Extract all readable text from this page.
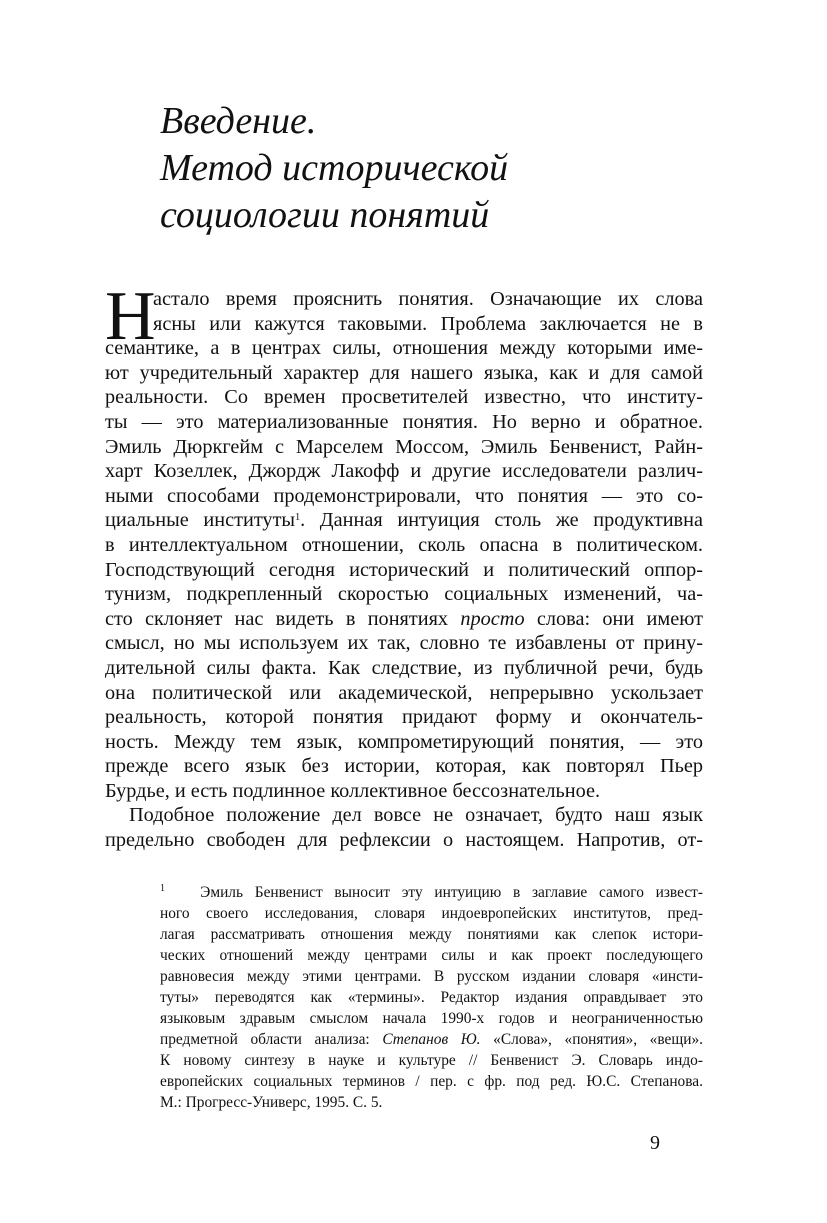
Введение.
Метод исторической
социологии понятий
Н
астало время прояснить понятия. Означающие их слова
ясны или кажутся таковыми. Проблема заключается не в
семантике, а в центрах силы, отношения между которыми име-
ют учредительный характер для нашего языка, как и для самой
реальности. Со времен просветителей известно, что институ-
ты — это материализованные понятия. Но верно и обратное.
Эмиль Дюркгейм с Марселем Моссом, Эмиль Бенвенист, Райн-
харт Козеллек, Джордж Лакофф и другие исследователи различ-
ными способами продемонстрировали, что понятия — это со-
циальные институты$^1$. Данная интуиция столь же продуктивна
в интеллектуальном отношении, сколь опасна в политическом.
Господствующий сегодня исторический и политический оппор-
тунизм, подкрепленный скоростью социальных изменений, ча-
сто склоняет нас видеть в понятиях просто слова: они имеют
смысл, но мы используем их так, словно те избавлены от прину-
дительной силы факта. Как следствие, из публичной речи, будь
она политической или академической, непрерывно ускользает
реальность, которой понятия придают форму и окончатель-
ность. Между тем язык, компрометирующий понятия, — это
прежде всего язык без истории, которая, как повторял Пьер
Бурдье, и есть подлинное коллективное бессознательное.
Подобное положение дел вовсе не означает, будто наш язык
предельно свободен для рефлексии о настоящем. Напротив, от-
$^1$ Эмиль Бенвенист выносит эту интуицию в заглавие самого извест-
ного своего исследования, словаря индоевропейских институтов, пред-
лагая рассматривать отношения между понятиями как слепок истори-
ческих отношений между центрами силы и как проект последующего
равновесия между этими центрами. В русском издании словаря «инсти-
туты» переводятся как «термины». Редактор издания оправдывает это
языковым здравым смыслом начала 1990-х годов и неограниченностью
предметной области анализа: Степанов Ю. «Слова», «понятия», «вещи».
К новому синтезу в науке и культуре // Бенвенист Э. Словарь индо-
европейских социальных терминов / пер. с фр. под ред. Ю.С. Степанова.
М.: Прогресс-Универс, 1995. С. 5.
9
